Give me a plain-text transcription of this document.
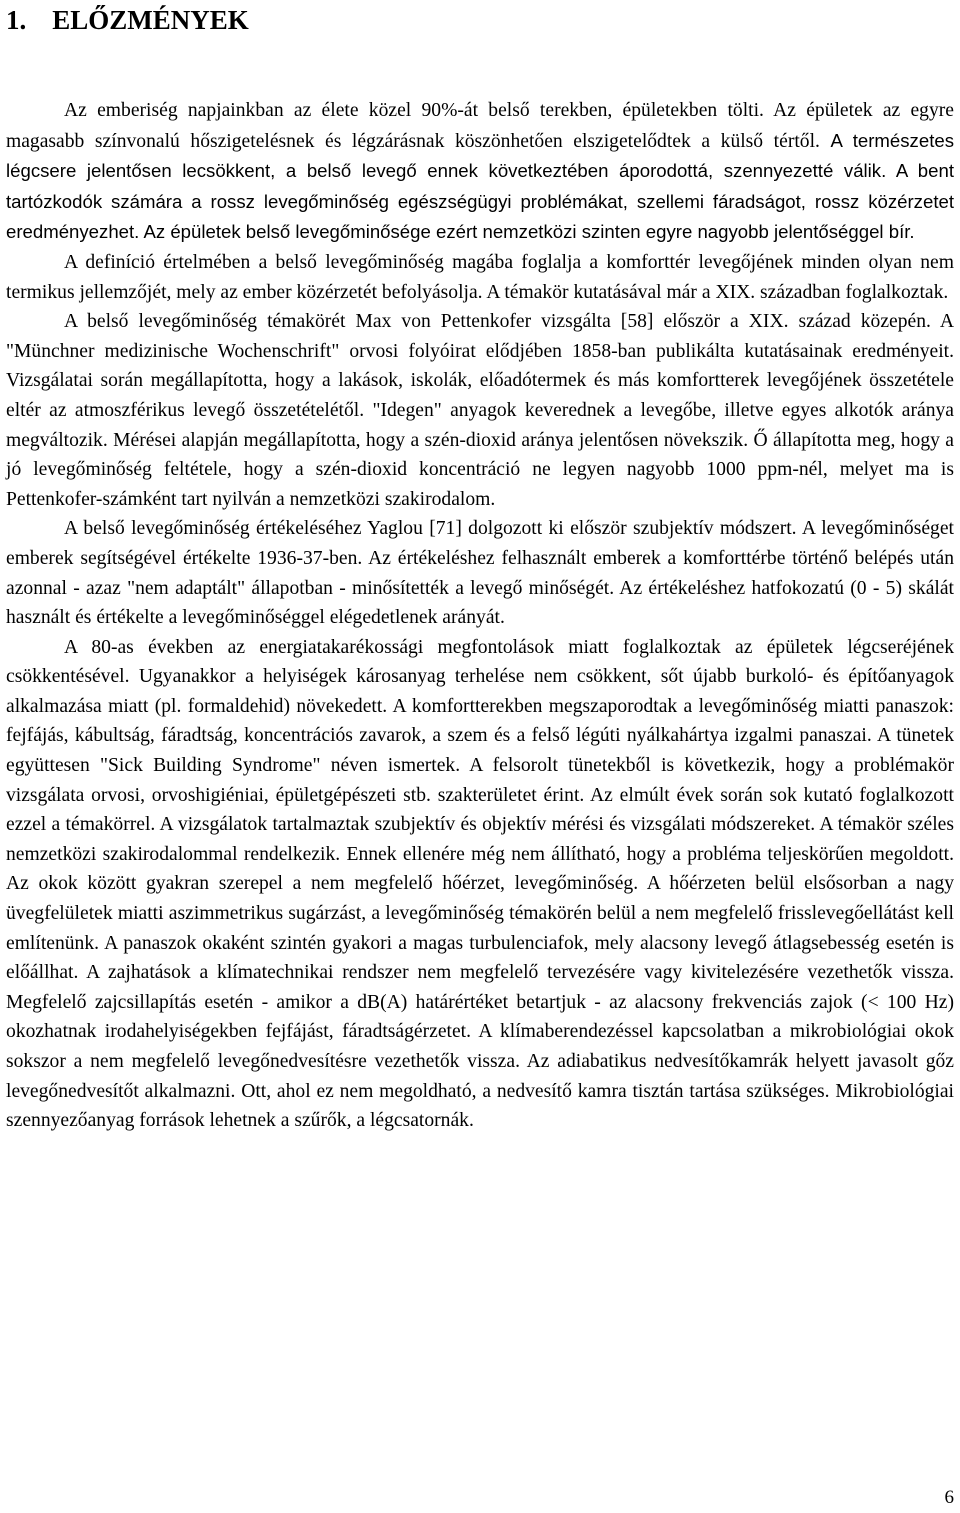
1. ELŐZMÉNYEK

Az emberiség napjainkban az élete közel 90%-át belső terekben, épületekben tölti. Az épületek az egyre magasabb színvonalú hőszigetelésnek és légzárásnak köszönhetően elszigetelődtek a külső tértől. A természetes légcsere jelentősen lecsökkent, a belső levegő ennek következtében áporodottá, szennyezetté válik. A bent tartózkodók számára a rossz levegőminőség egészségügyi problémákat, szellemi fáradságot, rossz közérzetet eredményezhet. Az épületek belső levegőminősége ezért nemzetközi szinten egyre nagyobb jelentőséggel bír.

A definíció értelmében a belső levegőminőség magába foglalja a komforttér levegőjének minden olyan nem termikus jellemzőjét, mely az ember közérzetét befolyásolja. A témakör kutatásával már a XIX. században foglalkoztak.

A belső levegőminőség témakörét Max von Pettenkofer vizsgálta [58] először a XIX. század közepén. A "Münchner medizinische Wochenschrift" orvosi folyóirat elődjében 1858-ban publikálta kutatásainak eredményeit. Vizsgálatai során megállapította, hogy a lakások, iskolák, előadótermek és más komfortterek levegőjének összetétele eltér az atmoszférikus levegő összetételétől. "Idegen" anyagok keverednek a levegőbe, illetve egyes alkotók aránya megváltozik. Mérései alapján megállapította, hogy a szén-dioxid aránya jelentősen növekszik. Ő állapította meg, hogy a jó levegőminőség feltétele, hogy a szén-dioxid koncentráció ne legyen nagyobb 1000 ppm-nél, melyet ma is Pettenkofer-számként tart nyilván a nemzetközi szakirodalom.

A belső levegőminőség értékeléséhez Yaglou [71] dolgozott ki először szubjektív módszert. A levegőminőséget emberek segítségével értékelte 1936-37-ben. Az értékeléshez felhasznált emberek a komforttérbe történő belépés után azonnal - azaz "nem adaptált" állapotban - minősítették a levegő minőségét. Az értékeléshez hatfokozatú (0 - 5) skálát használt és értékelte a levegőminőséggel elégedetlenek arányát.

A 80-as években az energiatakarékossági megfontolások miatt foglalkoztak az épületek légcseréjének csökkentésével. Ugyanakkor a helyiségek károsanyag terhelése nem csökkent, sőt újabb burkoló- és építőanyagok alkalmazása miatt (pl. formaldehid) növekedett. A komfortterekben megszaporodtak a levegőminőség miatti panaszok: fejfájás, kábultság, fáradtság, koncentrációs zavarok, a szem és a felső légúti nyálkahártya izgalmi panaszai. A tünetek együttesen "Sick Building Syndrome" néven ismertek. A felsorolt tünetekből is következik, hogy a problémakör vizsgálata orvosi, orvoshigiéniai, épületgépészeti stb. szakterületet érint. Az elmúlt évek során sok kutató foglalkozott ezzel a témakörrel. A vizsgálatok tartalmaztak szubjektív és objektív mérési és vizsgálati módszereket. A témakör széles nemzetközi szakirodalommal rendelkezik. Ennek ellenére még nem állítható, hogy a probléma teljeskörűen megoldott. Az okok között gyakran szerepel a nem megfelelő hőérzet, levegőminőség. A hőérzeten belül elsősorban a nagy üvegfelületek miatti aszimmetrikus sugárzást, a levegőminőség témakörén belül a nem megfelelő frisslevegőellátást kell említenünk. A panaszok okaként szintén gyakori a magas turbulenciafok, mely alacsony levegő átlagsebesség esetén is előállhat. A zajhatások a klímatechnikai rendszer nem megfelelő tervezésére vagy kivitelezésére vezethetők vissza. Megfelelő zajcsillapítás esetén - amikor a dB(A) határértéket betartjuk - az alacsony frekvenciás zajok (< 100 Hz) okozhatnak irodahelyiségekben fejfájást, fáradtságérzetet. A klímaberendezéssel kapcsolatban a mikrobiológiai okok sokszor a nem megfelelő levegőnedvesítésre vezethetők vissza. Az adiabatikus nedvesítőkamrák helyett javasolt gőz levegőnedvesítőt alkalmazni. Ott, ahol ez nem megoldható, a nedvesítő kamra tisztán tartása szükséges. Mikrobiológiai szennyezőanyag források lehetnek a szűrők, a légcsatornák.

6
